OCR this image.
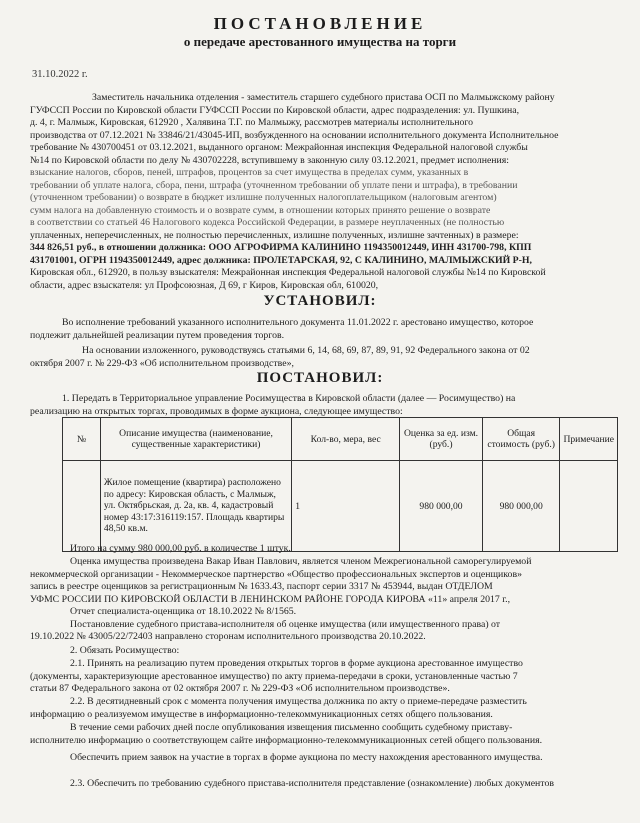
ПОСТАНОВЛЕНИЕ
о передаче арестованного имущества на торги
31.10.2022 г.
Заместитель начальника отделения - заместитель старшего судебного пристава ОСП по Малмыжскому району
ГУФССП России по Кировской области ГУФССП России по Кировской области, адрес подразделения: ул. Пушкина,
д. 4, г. Малмыж, Кировская, 612920 , Халявина Т.Г. по Малмыжу, рассмотрев материалы исполнительного
производства от 07.12.2021 № 33846/21/43045-ИП, возбужденного на основании исполнительного документа Исполнительное
требование № 430700451 от 03.12.2021, выданного органом: Межрайонная инспекция Федеральной налоговой службы
№14 по Кировской области по делу № 430702228, вступившему в законную силу 03.12.2021, предмет исполнения:
взыскание налогов, сборов, пеней, штрафов, процентов за счет имущества в пределах сумм, указанных в
требовании об уплате налога, сбора, пени, штрафа (уточненном требовании об уплате пени и штрафа), в требовании
(уточненном требовании) о возврате в бюджет излишне полученных налогоплательщиком (налоговым агентом)
сумм налога на добавленную стоимость и о возврате сумм, в отношении которых принято решение о возврате
в соответствии со статьей 46 Налогового кодекса Российской Федерации, в размере неуплаченных (не полностью
уплаченных, неперечисленных, не полностью перечисленных, излишне полученных, излишне зачтенных) в размере:
344 826,51 руб., в отношении должника: ООО АГРОФИРМА КАЛИНИНО 1194350012449, ИНН 431700-798, КПП
431701001, ОГРН 1194350012449, адрес должника: ПРОЛЕТАРСКАЯ, 92, С КАЛИНИНО, МАЛМЫЖСКИЙ Р-Н,
Кировская обл., 612920, в пользу взыскателя: Межрайонная инспекция Федеральной налоговой службы №14 по Кировской
области, адрес взыскателя: ул Профсоюзная, Д 69, г Киров, Кировская обл, 610020,
УСТАНОВИЛ:
Во исполнение требований указанного исполнительного документа 11.01.2022 г. арестовано имущество, которое
подлежит дальнейшей реализации путем проведения торгов.
На основании изложенного, руководствуясь статьями 6, 14, 68, 69, 87, 89, 91, 92 Федерального закона от 02
октября 2007 г. № 229-ФЗ «Об исполнительном производстве»,
ПОСТАНОВИЛ:
1. Передать в Территориальное управление Росимущества в Кировской области (далее — Росимущество) на
реализацию на открытых торгах, проводимых в форме аукциона, следующее имущество:
№	Описание имущества (наименование, существенные характеристики)	Кол-во, мера, вес	Оценка за ед. изм. (руб.)	Общая стоимость (руб.)	Примечание
	Жилое помещение (квартира) расположено по адресу: Кировская область, с Малмыж, ул. Октябрьская, д. 2а, кв. 4, кадастровый номер 43:17:316119:157. Площадь квартиры 48,50 кв.м.	1	980 000,00	980 000,00	
Итого на сумму 980 000,00 руб. в количестве 1 штук.
Оценка имущества произведена Вакар Иван Павлович, является членом Межрегиональной саморегулируемой
некоммерческой организации - Некоммерческое партнерство «Общество профессиональных экспертов и оценщиков»
запись в реестре оценщиков за регистрационным № 1633.43, паспорт серии 3317 № 453944, выдан ОТДЕЛОМ
УФМС РОССИИ ПО КИРОВСКОЙ ОБЛАСТИ В ЛЕНИНСКОМ РАЙОНЕ ГОРОДА КИРОВА «11» апреля 2017 г.,
Отчет специалиста-оценщика от 18.10.2022 № 8/1565.
Постановление судебного пристава-исполнителя об оценке имущества (или имущественного права) от
19.10.2022 № 43005/22/72403 направлено сторонам исполнительного производства 20.10.2022.
2. Обязать Росимущество:
2.1. Принять на реализацию путем проведения открытых торгов в форме аукциона арестованное имущество
(документы, характеризующие арестованное имущество) по акту приема-передачи в сроки, установленные частью 7
статьи 87 Федерального закона от 02 октября 2007 г. № 229-ФЗ «Об исполнительном производстве».
2.2. В десятидневный срок с момента получения имущества должника по акту о приеме-передаче разместить
информацию о реализуемом имуществе в информационно-телекоммуникационных сетях общего пользования.
В течение семи рабочих дней после опубликования извещения письменно сообщить судебному приставу-
исполнителю информацию о соответствующем сайте информационно-телекоммуникационных сетей общего пользования.
Обеспечить прием заявок на участие в торгах в форме аукциона по месту нахождения арестованного имущества.
2.3. Обеспечить по требованию судебного пристава-исполнителя представление (ознакомление) любых документов
